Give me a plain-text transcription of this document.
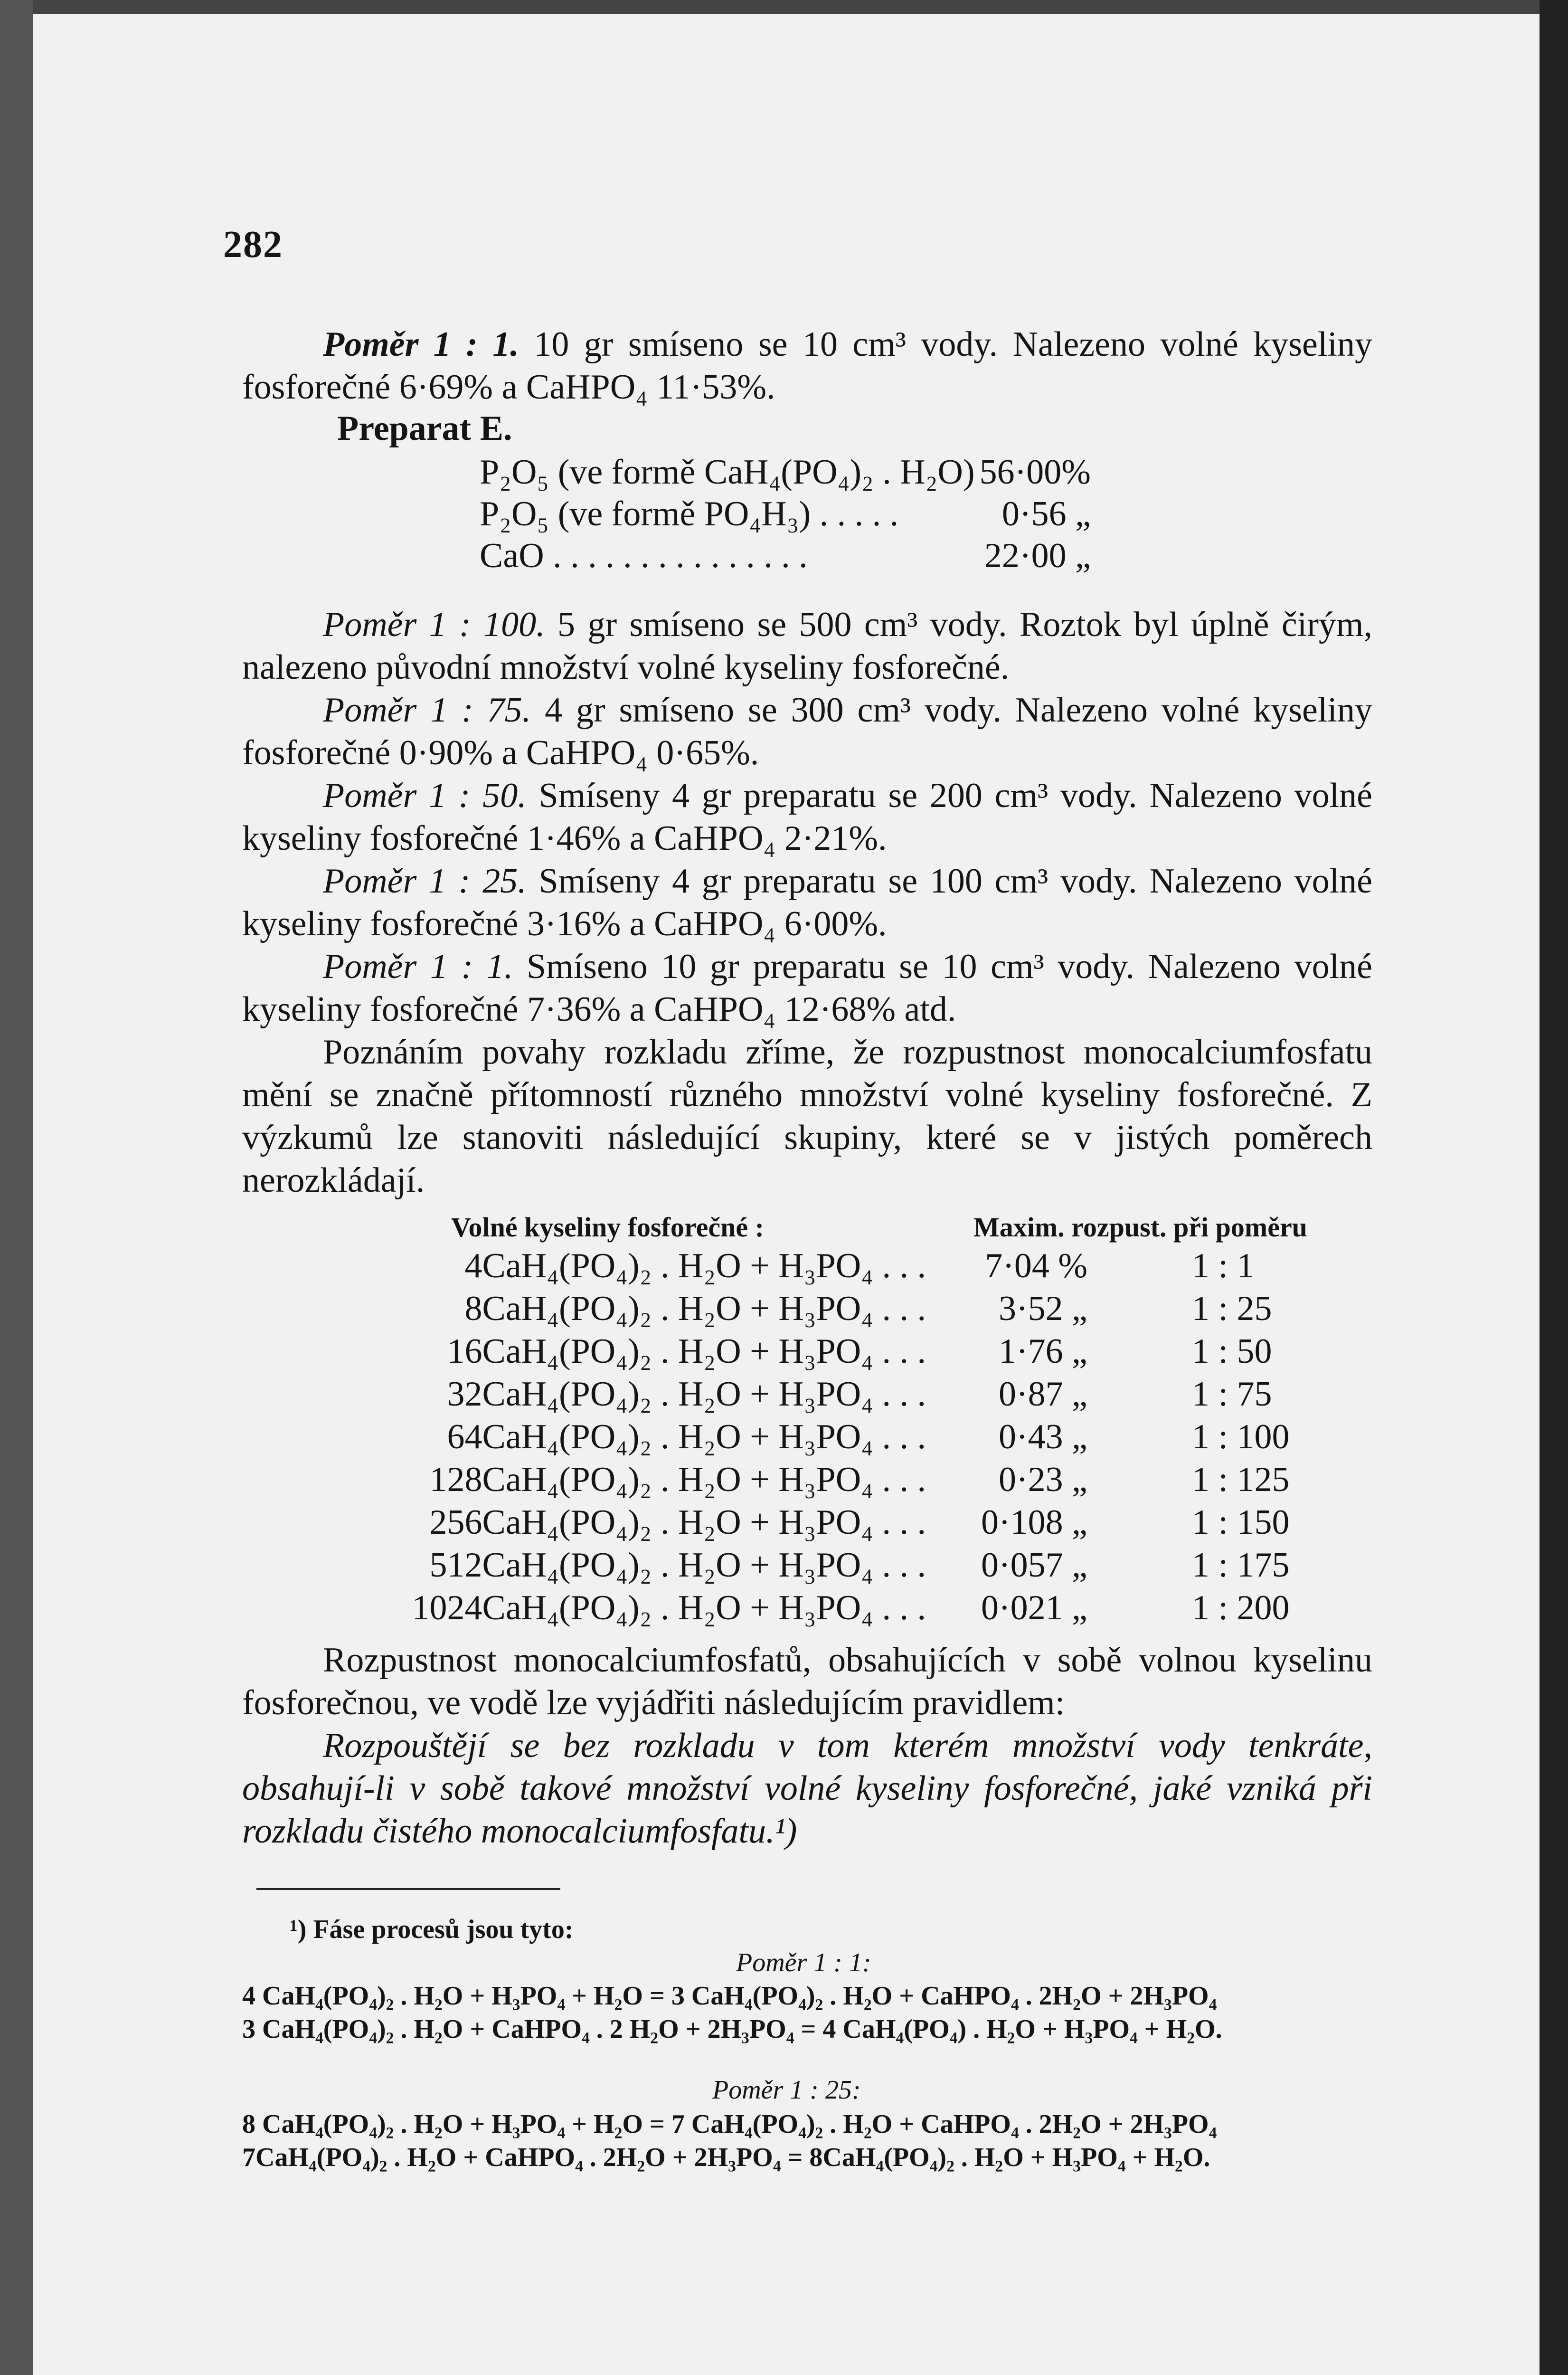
282

Poměr 1 : 1. 10 gr smíseno se 10 cm³ vody. Nalezeno volné kyseliny fosforečné 6·69% a CaHPO₄ 11·53%.

Preparat E.
P₂O₅ (ve formě CaH₄(PO₄)₂ . H₂O)	56·00%
P₂O₅ (ve formě PO₄H₃) . . . . .	0·56 „
CaO . . . . . . . . . . . . . . .	22·00 „

Poměr 1 : 100. 5 gr smíseno se 500 cm³ vody. Roztok byl úplně čirým, nalezeno původní množství volné kyseliny fosforečné.

Poměr 1 : 75. 4 gr smíseno se 300 cm³ vody. Nalezeno volné kyseliny fosforečné 0·90% a CaHPO₄ 0·65%.

Poměr 1 : 50. Smíseny 4 gr preparatu se 200 cm³ vody. Nalezeno volné kyseliny fosforečné 1·46% a CaHPO₄ 2·21%.

Poměr 1 : 25. Smíseny 4 gr preparatu se 100 cm³ vody. Nalezeno volné kyseliny fosforečné 3·16% a CaHPO₄ 6·00%.

Poměr 1 : 1. Smíseno 10 gr preparatu se 10 cm³ vody. Nalezeno volné kyseliny fosforečné 7·36% a CaHPO₄ 12·68% atd.

Poznáním povahy rozkladu zříme, že rozpustnost monocalciumfosfatu mění se značně přítomností různého množství volné kyseliny fosforečné. Z výzkumů lze stanoviti následující skupiny, které se v jistých poměrech nerozkládají.

Volné kyseliny fosforečné :	Maxim. rozpust. při poměru
4CaH₄(PO₄)₂ . H₂O + H₃PO₄ . . .	7·04 %	1 : 1
8CaH₄(PO₄)₂ . H₂O + H₃PO₄ . . .	3·52 „	1 : 25
16CaH₄(PO₄)₂ . H₂O + H₃PO₄ . . .	1·76 „	1 : 50
32CaH₄(PO₄)₂ . H₂O + H₃PO₄ . . .	0·87 „	1 : 75
64CaH₄(PO₄)₂ . H₂O + H₃PO₄ . . .	0·43 „	1 : 100
128CaH₄(PO₄)₂ . H₂O + H₃PO₄ . . .	0·23 „	1 : 125
256CaH₄(PO₄)₂ . H₂O + H₃PO₄ . . .	0·108 „	1 : 150
512CaH₄(PO₄)₂ . H₂O + H₃PO₄ . . .	0·057 „	1 : 175
1024CaH₄(PO₄)₂ . H₂O + H₃PO₄ . . .	0·021 „	1 : 200

Rozpustnost monocalciumfosfatů, obsahujících v sobě volnou kyselinu fosforečnou, ve vodě lze vyjádřiti následujícím pravidlem:

Rozpouštějí se bez rozkladu v tom kterém množství vody tenkráte, obsahují-li v sobě takové množství volné kyseliny fosforečné, jaké vzniká při rozkladu čistého monocalciumfosfatu.¹)

¹) Fáse procesů jsou tyto:
Poměr 1 : 1:
4 CaH₄(PO₄)₂ . H₂O + H₃PO₄ + H₂O = 3 CaH₄(PO₄)₂ . H₂O + CaHPO₄ . 2H₂O + 2H₃PO₄
3 CaH₄(PO₄)₂ . H₂O + CaHPO₄ . 2 H₂O + 2H₃PO₄ = 4 CaH₄(PO₄) . H₂O + H₃PO₄ + H₂O.
Poměr 1 : 25:
8 CaH₄(PO₄)₂ . H₂O + H₃PO₄ + H₂O = 7 CaH₄(PO₄)₂ . H₂O + CaHPO₄ . 2H₂O + 2H₃PO₄
7CaH₄(PO₄)₂ . H₂O + CaHPO₄ . 2H₂O + 2H₃PO₄ = 8CaH₄(PO₄)₂ . H₂O + H₃PO₄ + H₂O.
